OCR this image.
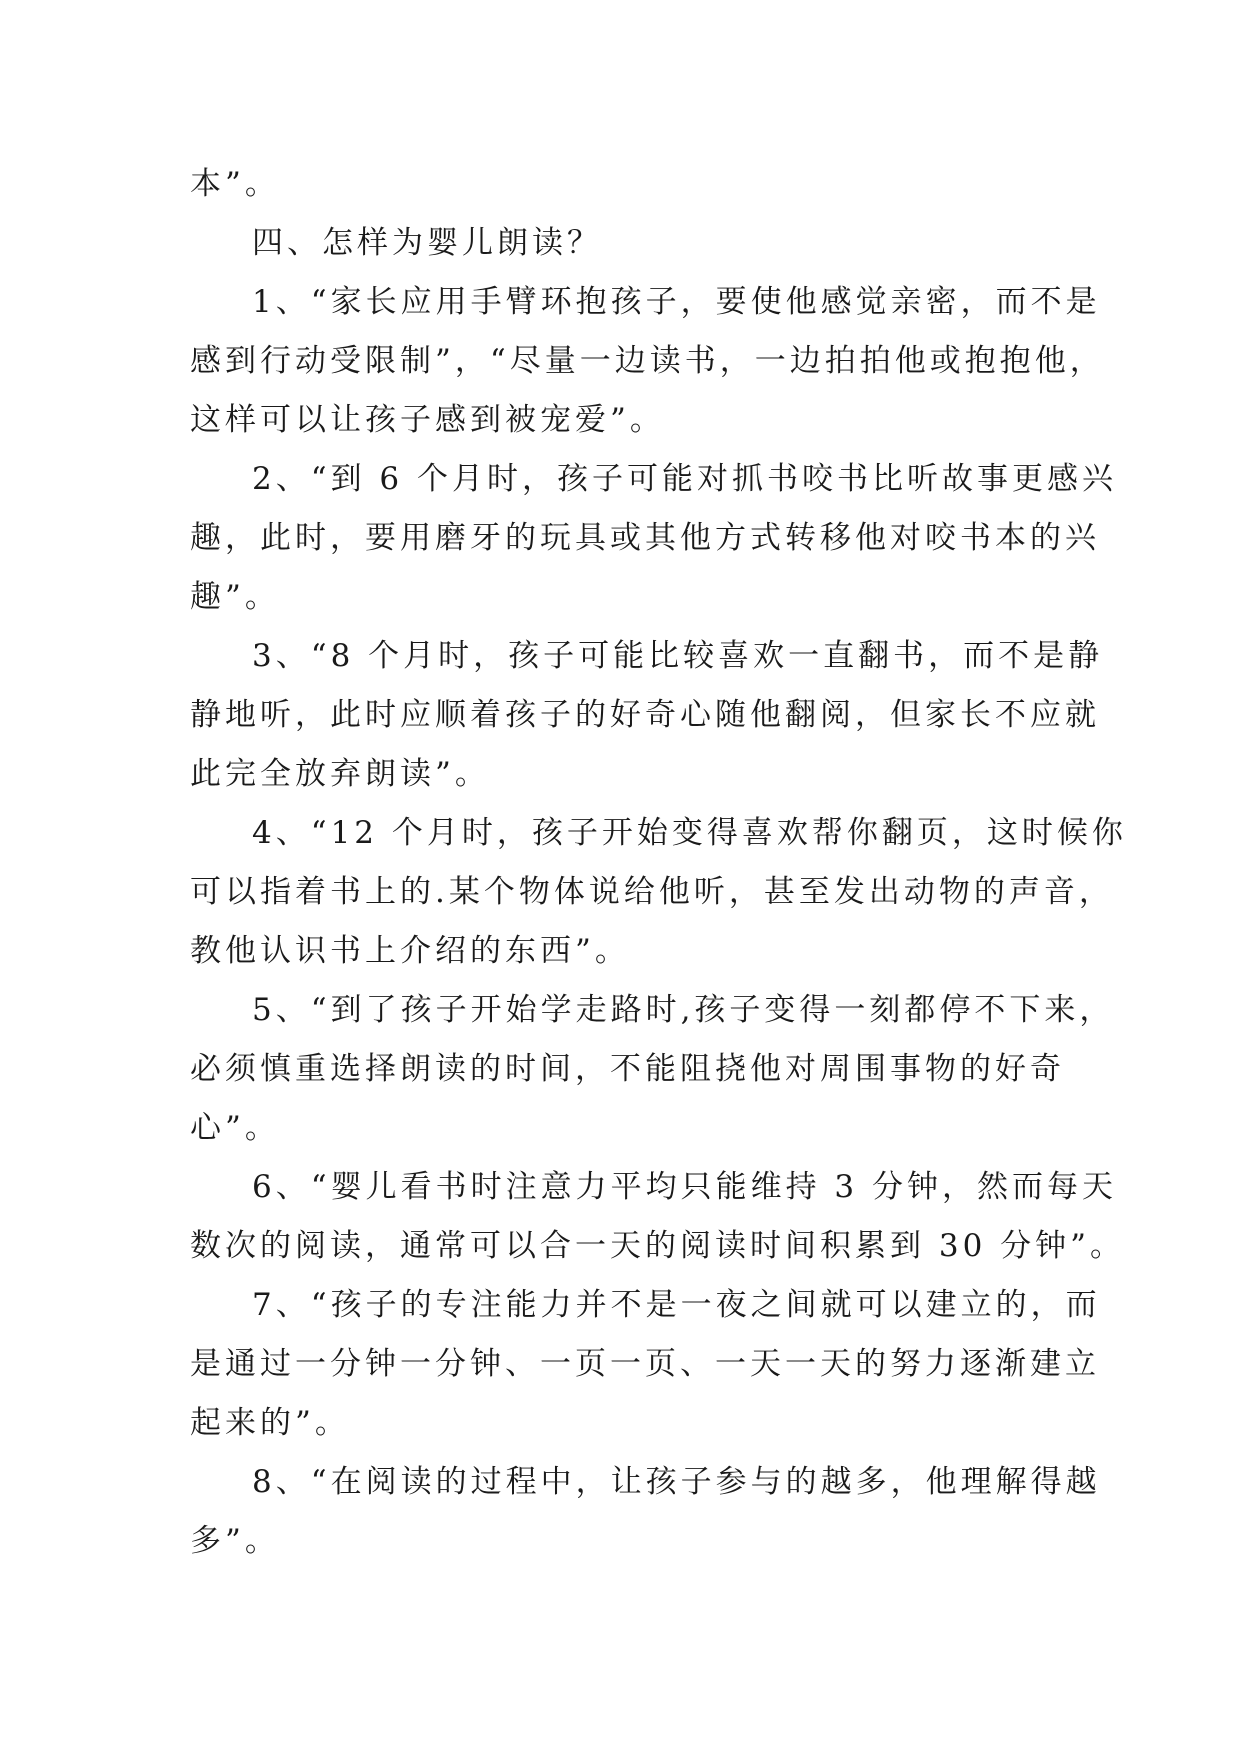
本”。
四、怎样为婴儿朗读？
1、“家长应用手臂环抱孩子，要使他感觉亲密，而不是
感到行动受限制”，“尽量一边读书，一边拍拍他或抱抱他，
这样可以让孩子感到被宠爱”。
2、“到 6 个月时，孩子可能对抓书咬书比听故事更感兴
趣，此时，要用磨牙的玩具或其他方式转移他对咬书本的兴
趣”。
3、“8 个月时，孩子可能比较喜欢一直翻书，而不是静
静地听，此时应顺着孩子的好奇心随他翻阅，但家长不应就
此完全放弃朗读”。
4、“12 个月时，孩子开始变得喜欢帮你翻页，这时候你
可以指着书上的.某个物体说给他听，甚至发出动物的声音，
教他认识书上介绍的东西”。
5、“到了孩子开始学走路时,孩子变得一刻都停不下来，
必须慎重选择朗读的时间，不能阻挠他对周围事物的好奇
心”。
6、“婴儿看书时注意力平均只能维持 3 分钟，然而每天
数次的阅读，通常可以合一天的阅读时间积累到 30 分钟”。
7、“孩子的专注能力并不是一夜之间就可以建立的，而
是通过一分钟一分钟、一页一页、一天一天的努力逐渐建立
起来的”。
8、“在阅读的过程中，让孩子参与的越多，他理解得越
多”。
